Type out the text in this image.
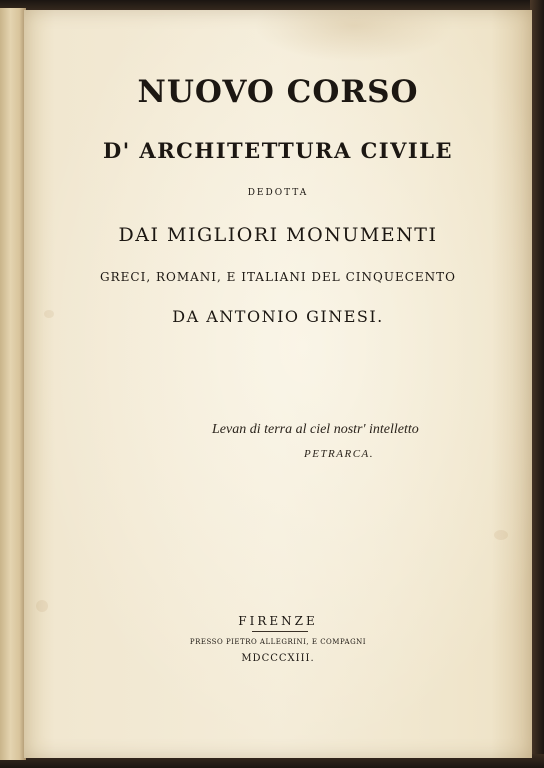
NUOVO CORSO
D' ARCHITETTURA CIVILE
DEDOTTA
DAI MIGLIORI MONUMENTI
GRECI, ROMANI, E ITALIANI DEL CINQUECENTO
DA ANTONIO GINESI.
Levan di terra al ciel nostr' intelletto
PETRARCA.
FIRENZE
PRESSO PIETRO ALLEGRINI, E COMPAGNI
MDCCCXIII.
